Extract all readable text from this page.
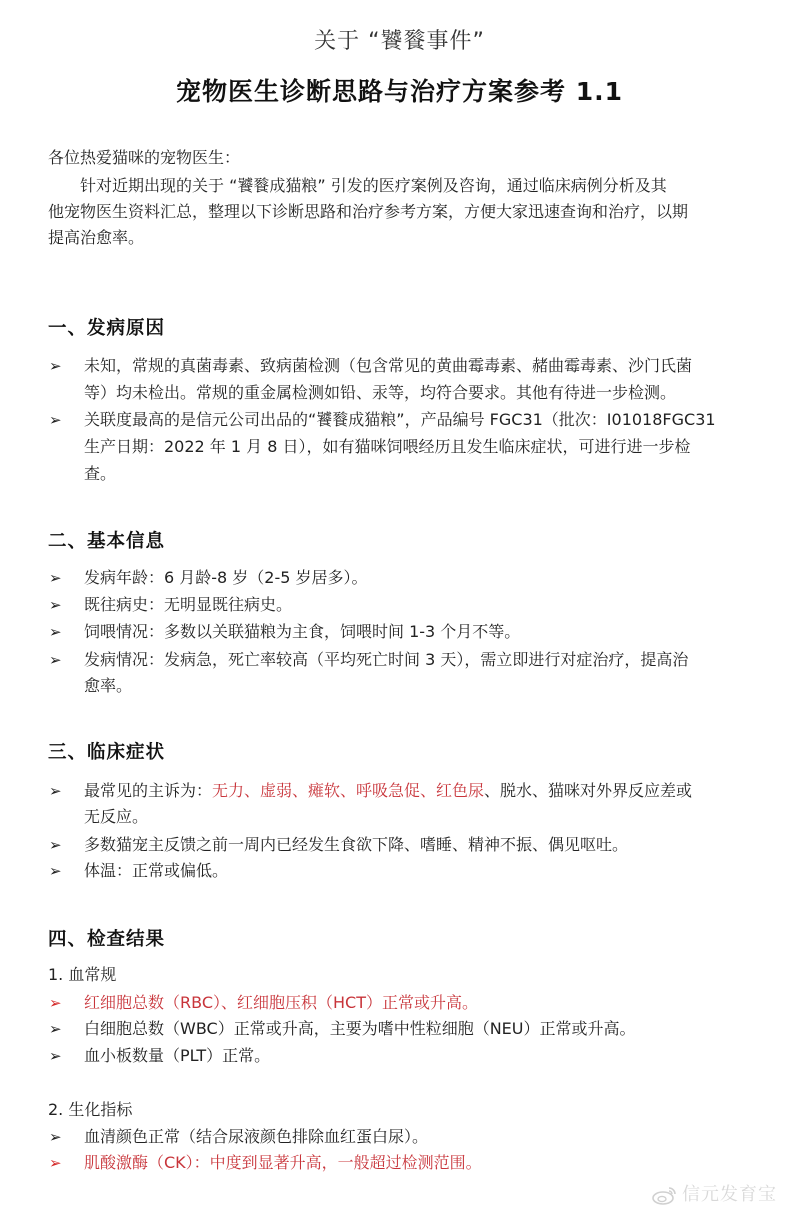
关于 “饕餮事件”
宠物医生诊断思路与治疗方案参考 1.1
各位热爱猫咪的宠物医生：
针对近期出现的关于 “饕餮成猫粮” 引发的医疗案例及咨询，通过临床病例分析及其
他宠物医生资料汇总，整理以下诊断思路和治疗参考方案，方便大家迅速查询和治疗，以期
提高治愈率。
一、发病原因
➢ 未知，常规的真菌毒素、致病菌检测（包含常见的黄曲霉毒素、赭曲霉毒素、沙门氏菌
等）均未检出。常规的重金属检测如铅、汞等，均符合要求。其他有待进一步检测。
➢ 关联度最高的是信元公司出品的“饕餮成猫粮”，产品编号 FGC31（批次：I01018FGC31
生产日期：2022 年 1 月 8 日），如有猫咪饲喂经历且发生临床症状，可进行进一步检
查。
二、基本信息
➢ 发病年龄：6 月龄-8 岁（2-5 岁居多）。
➢ 既往病史：无明显既往病史。
➢ 饲喂情况：多数以关联猫粮为主食，饲喂时间 1-3 个月不等。
➢ 发病情况：发病急，死亡率较高（平均死亡时间 3 天），需立即进行对症治疗，提高治
愈率。
三、临床症状
➢ 最常见的主诉为：无力、虚弱、瘫软、呼吸急促、红色尿、脱水、猫咪对外界反应差或
无反应。
➢ 多数猫宠主反馈之前一周内已经发生食欲下降、嗜睡、精神不振、偶见呕吐。
➢ 体温：正常或偏低。
四、检查结果
1. 血常规
➢ 红细胞总数（RBC）、红细胞压积（HCT）正常或升高。
➢ 白细胞总数（WBC）正常或升高，主要为嗜中性粒细胞（NEU）正常或升高。
➢ 血小板数量（PLT）正常。
2. 生化指标
➢ 血清颜色正常（结合尿液颜色排除血红蛋白尿）。
➢ 肌酸激酶（CK）：中度到显著升高，一般超过检测范围。
信元发育宝
